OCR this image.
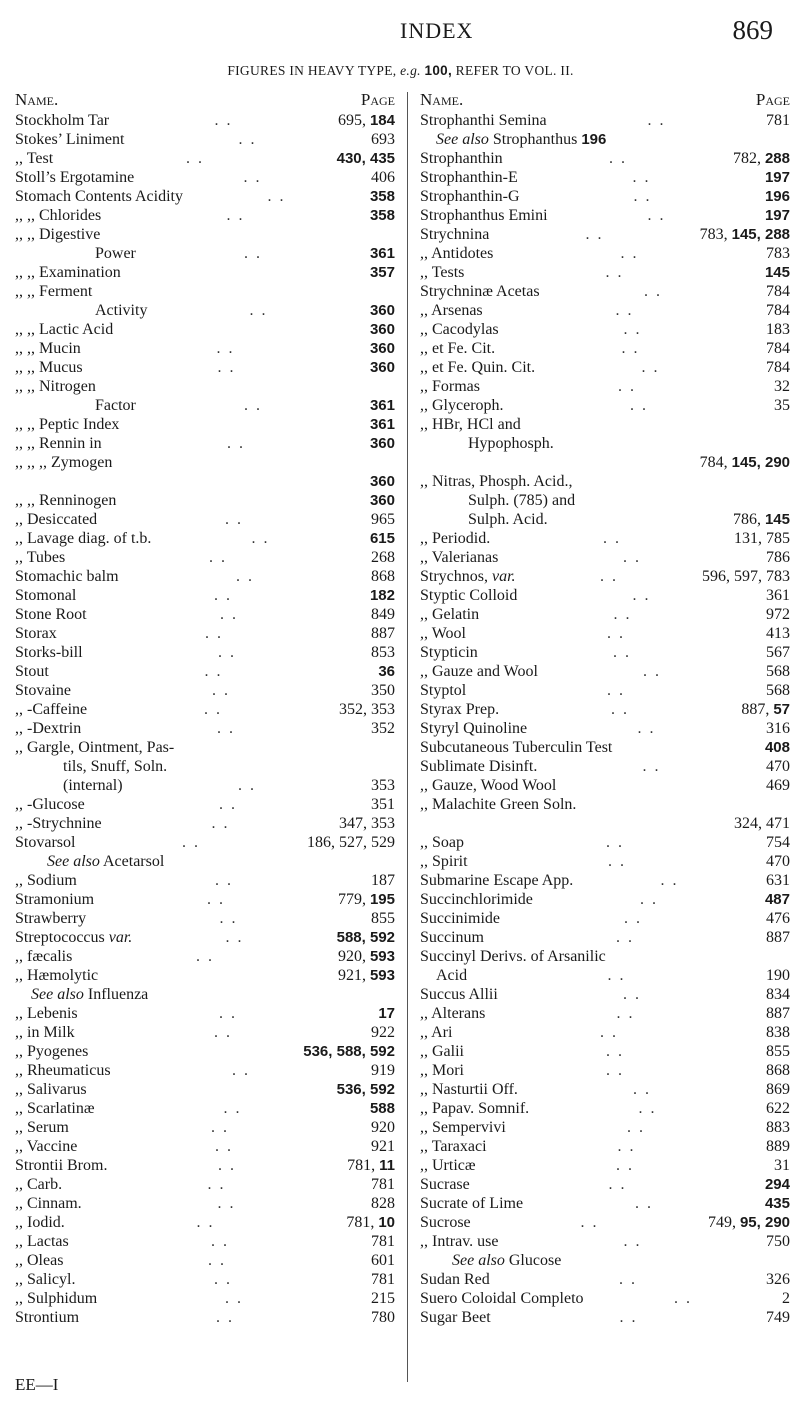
INDEX	869
FIGURES IN HEAVY TYPE, e.g. 100, REFER TO VOL. II.
Name.	Page
Stockholm Tar	. .	695, 184
Stokes’ Liniment	. .	693
,, Test	. .	430, 435
Stoll’s Ergotamine	. .	406
Stomach Contents Acidity	. .	358
,, ,, Chlorides	. .	358
,, ,, Digestive
Power	. .	361
,, ,, Examination	357
,, ,, Ferment
Activity	. .	360
,, ,, Lactic Acid	360
,, ,, Mucin	. .	360
,, ,, Mucus	. .	360
,, ,, Nitrogen
Factor	. .	361
,, ,, Peptic Index	361
,, ,, Rennin in	. .	360
,, ,, ,, Zymogen
360
,, ,, Renninogen	360
,, Desiccated	. .	965
,, Lavage diag. of t.b.	. .	615
,, Tubes	. .	268
Stomachic balm	. .	868
Stomonal	. .	182
Stone Root	. .	849
Storax	. .	887
Storks-bill	. .	853
Stout	. .	36
Stovaine	. .	350
,, -Caffeine	. .	352, 353
,, -Dextrin	. .	352
,, Gargle, Ointment, Pas-
tils, Snuff, Soln.
(internal)	. .	353
,, -Glucose	. .	351
,, -Strychnine	. .	347, 353
Stovarsol	. .	186, 527, 529
See also Acetarsol
,, Sodium	. .	187
Stramonium	. .	779, 195
Strawberry	. .	855
Streptococcus var.	. .	588, 592
,, fæcalis	. .	920, 593
,, Hæmolytic	921, 593
See also Influenza
,, Lebenis	. .	17
,, in Milk	. .	922
,, Pyogenes	536, 588, 592
,, Rheumaticus	. .	919
,, Salivarus	536, 592
,, Scarlatinæ	. .	588
,, Serum	. .	920
,, Vaccine	. .	921
Strontii Brom.	. .	781, 11
,, Carb.	. .	781
,, Cinnam.	. .	828
,, Iodid.	. .	781, 10
,, Lactas	. .	781
,, Oleas	. .	601
,, Salicyl.	. .	781
,, Sulphidum	. .	215
Strontium	. .	780
Name.	Page
Strophanthi Semina	. .	781
See also Strophanthus 196
Strophanthin	. .	782, 288
Strophanthin-E	. .	197
Strophanthin-G	. .	196
Strophanthus Emini	. .	197
Strychnina	. .	783, 145, 288
,, Antidotes	. .	783
,, Tests	. .	145
Strychninæ Acetas	. .	784
,, Arsenas	. .	784
,, Cacodylas	. .	183
,, et Fe. Cit.	. .	784
,, et Fe. Quin. Cit.	. .	784
,, Formas	. .	32
,, Glyceroph.	. .	35
,, HBr, HCl and
Hypophosph.
784, 145, 290
,, Nitras, Phosph. Acid.,
Sulph. (785) and
Sulph. Acid.	786, 145
,, Periodid.	. .	131, 785
,, Valerianas	. .	786
Strychnos, var.	. .	596, 597, 783
Styptic Colloid	. .	361
,, Gelatin	. .	972
,, Wool	. .	413
Stypticin	. .	567
,, Gauze and Wool	. .	568
Styptol	. .	568
Styrax Prep.	. .	887, 57
Styryl Quinoline	. .	316
Subcutaneous Tuberculin Test	408
Sublimate Disinft.	. .	470
,, Gauze, Wood Wool	469
,, Malachite Green Soln.
324, 471
,, Soap	. .	754
,, Spirit	. .	470
Submarine Escape App.	. .	631
Succinchlorimide	. .	487
Succinimide	. .	476
Succinum	. .	887
Succinyl Derivs. of Arsanilic
Acid	. .	190
Succus Allii	. .	834
,, Alterans	. .	887
,, Ari	. .	838
,, Galii	. .	855
,, Mori	. .	868
,, Nasturtii Off.	. .	869
,, Papav. Somnif.	. .	622
,, Sempervivi	. .	883
,, Taraxaci	. .	889
,, Urticæ	. .	31
Sucrase	. .	294
Sucrate of Lime	. .	435
Sucrose	. .	749, 95, 290
,, Intrav. use	. .	750
See also Glucose
Sudan Red	. .	326
Suero Coloidal Completo	. .	2
Sugar Beet	. .	749
EE—I
